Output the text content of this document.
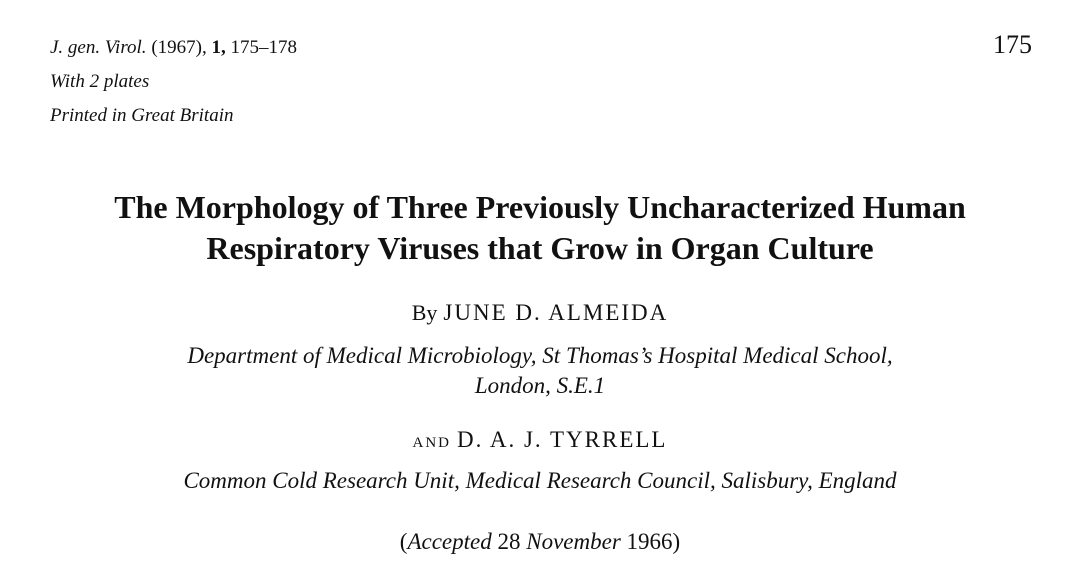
J. gen. Virol. (1967), 1, 175–178
With 2 plates
Printed in Great Britain
175
The Morphology of Three Previously Uncharacterized Human
Respiratory Viruses that Grow in Organ Culture
By JUNE D. ALMEIDA
Department of Medical Microbiology, St Thomas’s Hospital Medical School,
London, S.E.1
and D. A. J. TYRRELL
Common Cold Research Unit, Medical Research Council, Salisbury, England
(Accepted 28 November 1966)
